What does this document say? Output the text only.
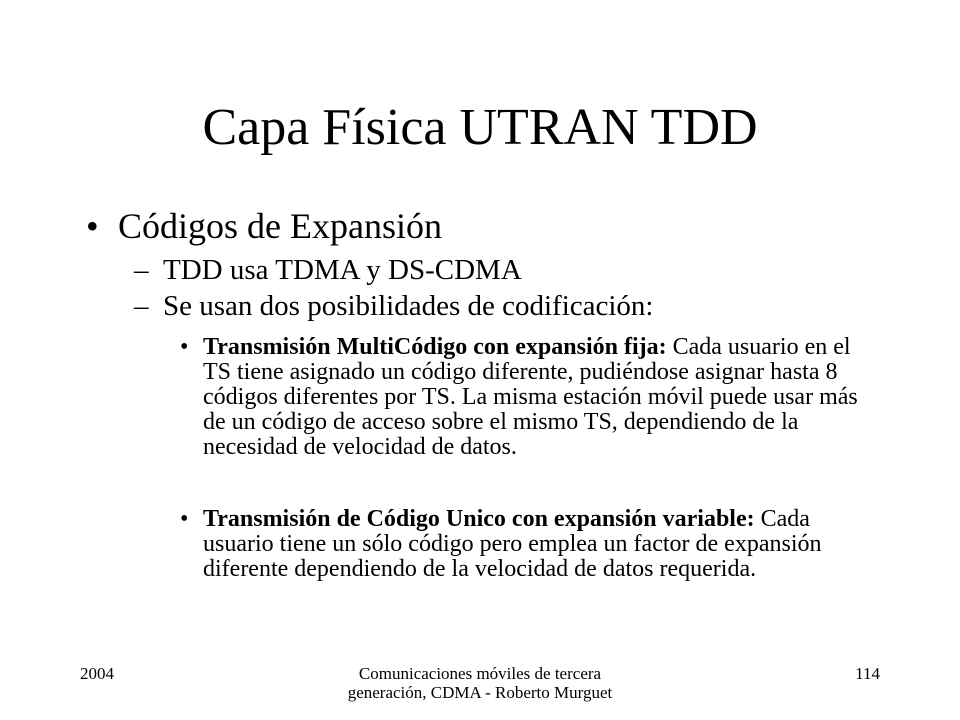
Capa Física UTRAN TDD
• Códigos de Expansión
– TDD usa TDMA y DS-CDMA
– Se usan dos posibilidades de codificación:
• Transmisión MultiCódigo con expansión fija: Cada usuario en el TS tiene asignado un código diferente, pudiéndose asignar hasta 8 códigos diferentes por TS. La misma estación móvil puede usar más de un código de acceso sobre el mismo TS, dependiendo de la necesidad de velocidad de datos.
• Transmisión de Código Unico con expansión variable: Cada usuario tiene un sólo código pero emplea un factor de expansión diferente dependiendo de la velocidad de datos requerida.
2004	Comunicaciones móviles de tercera generación, CDMA - Roberto Murguet
114
